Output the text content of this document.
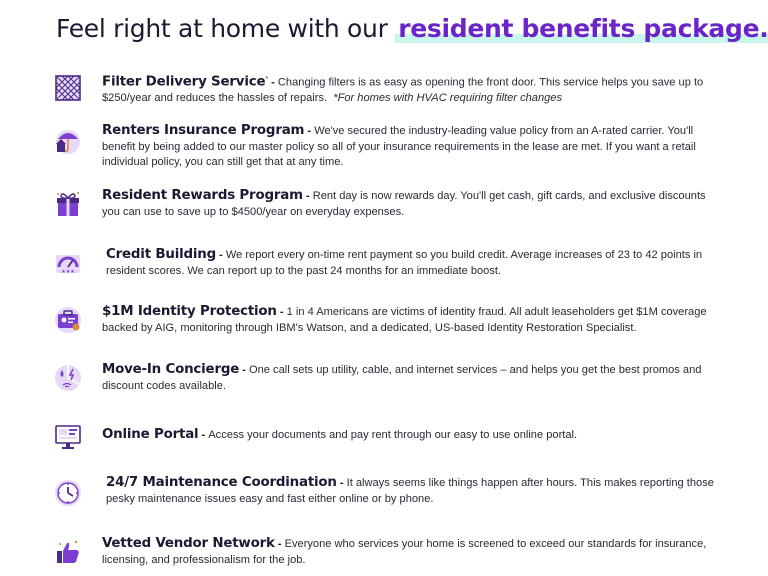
Feel right at home with our resident benefits package.
Filter Delivery Service* - Changing filters is as easy as opening the front door. This service helps you save up to $250/year and reduces the hassles of repairs. *For homes with HVAC requiring filter changes
Renters Insurance Program - We've secured the industry-leading value policy from an A-rated carrier. You'll benefit by being added to our master policy so all of your insurance requirements in the lease are met. If you want a retail individual policy, you can still get that at any time.
Resident Rewards Program - Rent day is now rewards day. You'll get cash, gift cards, and exclusive discounts you can use to save up to $4500/year on everyday expenses.
★★★
Credit Building - We report every on-time rent payment so you build credit. Average increases of 23 to 42 points in resident scores. We can report up to the past 24 months for an immediate boost.
$1M Identity Protection - 1 in 4 Americans are victims of identity fraud. All adult leaseholders get $1M coverage backed by AIG, monitoring through IBM's Watson, and a dedicated, US-based Identity Restoration Specialist.
Move-In Concierge - One call sets up utility, cable, and internet services – and helps you get the best promos and discount codes available.
Online Portal - Access your documents and pay rent through our easy to use online portal.
24/7 Maintenance Coordination - It always seems like things happen after hours. This makes reporting those pesky maintenance issues easy and fast either online or by phone.
Vetted Vendor Network - Everyone who services your home is screened to exceed our standards for insurance, licensing, and professionalism for the job.
